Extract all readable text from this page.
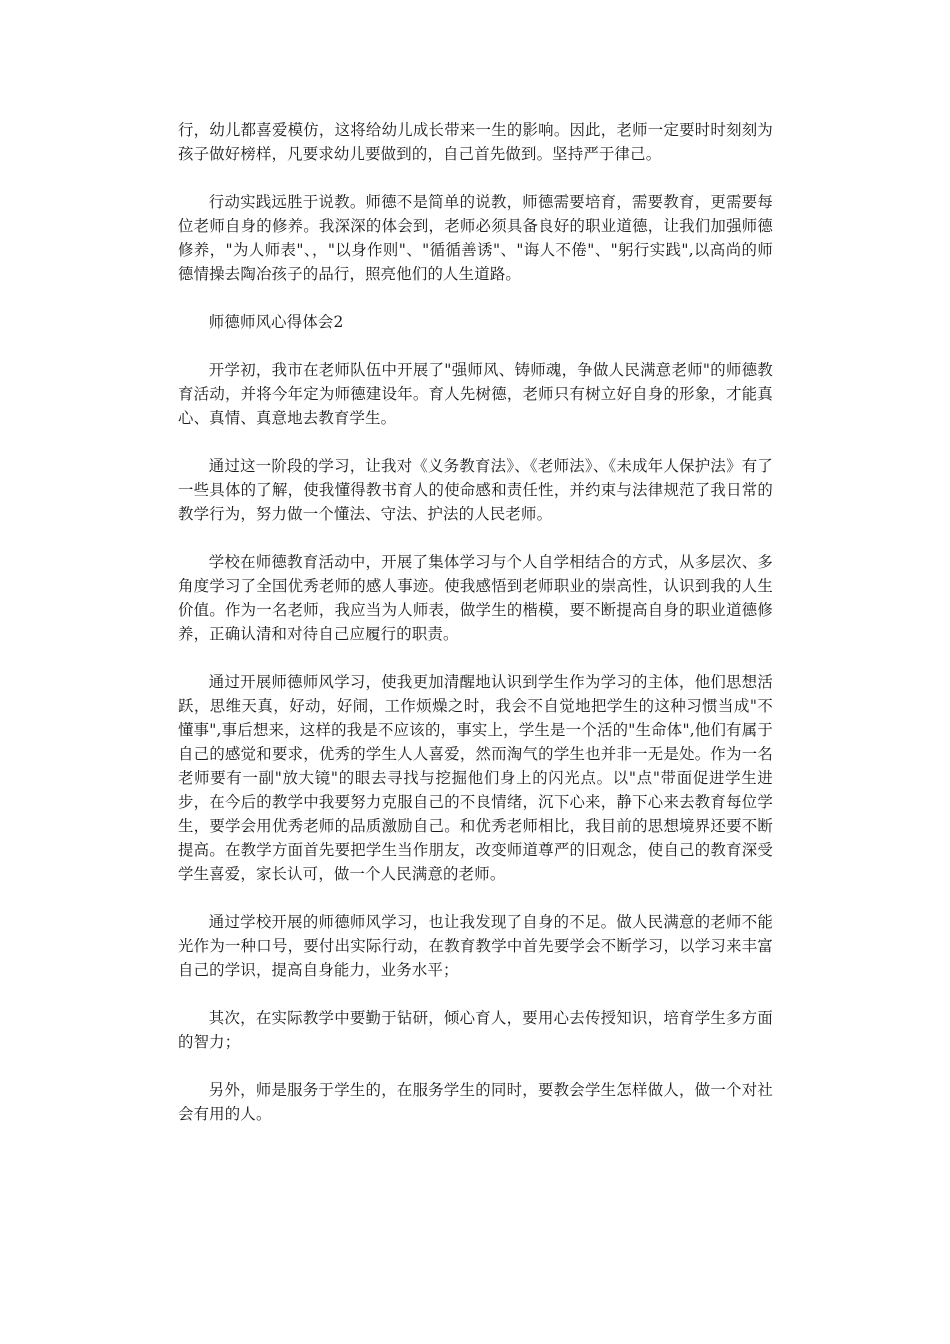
行，幼儿都喜爱模仿，这将给幼儿成长带来一生的影响。因此，老师一定要时时刻刻为孩子做好榜样，凡要求幼儿要做到的，自己首先做到。坚持严于律己。

行动实践远胜于说教。师德不是简单的说教，师德需要培育，需要教育，更需要每位老师自身的修养。我深深的体会到，老师必须具备良好的职业道德，让我们加强师德修养，"为人师表"、，"以身作则"、"循循善诱"、"诲人不倦"、"躬行实践",以高尚的师德情操去陶冶孩子的品行，照亮他们的人生道路。

师德师风心得体会2

开学初，我市在老师队伍中开展了"强师风、铸师魂，争做人民满意老师"的师德教育活动，并将今年定为师德建设年。育人先树德，老师只有树立好自身的形象，才能真心、真情、真意地去教育学生。

通过这一阶段的学习，让我对《义务教育法》、《老师法》、《未成年人保护法》有了一些具体的了解，使我懂得教书育人的使命感和责任性，并约束与法律规范了我日常的教学行为，努力做一个懂法、守法、护法的人民老师。

学校在师德教育活动中，开展了集体学习与个人自学相结合的方式，从多层次、多角度学习了全国优秀老师的感人事迹。使我感悟到老师职业的崇高性，认识到我的人生价值。作为一名老师，我应当为人师表，做学生的楷模，要不断提高自身的职业道德修养，正确认清和对待自己应履行的职责。

通过开展师德师风学习，使我更加清醒地认识到学生作为学习的主体，他们思想活跃，思维天真，好动，好闹，工作烦燥之时，我会不自觉地把学生的这种习惯当成"不懂事",事后想来，这样的我是不应该的，事实上，学生是一个活的"生命体",他们有属于自己的感觉和要求，优秀的学生人人喜爱，然而淘气的学生也并非一无是处。作为一名老师要有一副"放大镜"的眼去寻找与挖掘他们身上的闪光点。以"点"带面促进学生进步，在今后的教学中我要努力克服自己的不良情绪，沉下心来，静下心来去教育每位学生，要学会用优秀老师的品质激励自己。和优秀老师相比，我目前的思想境界还要不断提高。在教学方面首先要把学生当作朋友，改变师道尊严的旧观念，使自己的教育深受学生喜爱，家长认可，做一个人民满意的老师。

通过学校开展的师德师风学习，也让我发现了自身的不足。做人民满意的老师不能光作为一种口号，要付出实际行动，在教育教学中首先要学会不断学习，以学习来丰富自己的学识，提高自身能力，业务水平；

其次，在实际教学中要勤于钻研，倾心育人，要用心去传授知识，培育学生多方面的智力；

另外，师是服务于学生的，在服务学生的同时，要教会学生怎样做人，做一个对社会有用的人。
